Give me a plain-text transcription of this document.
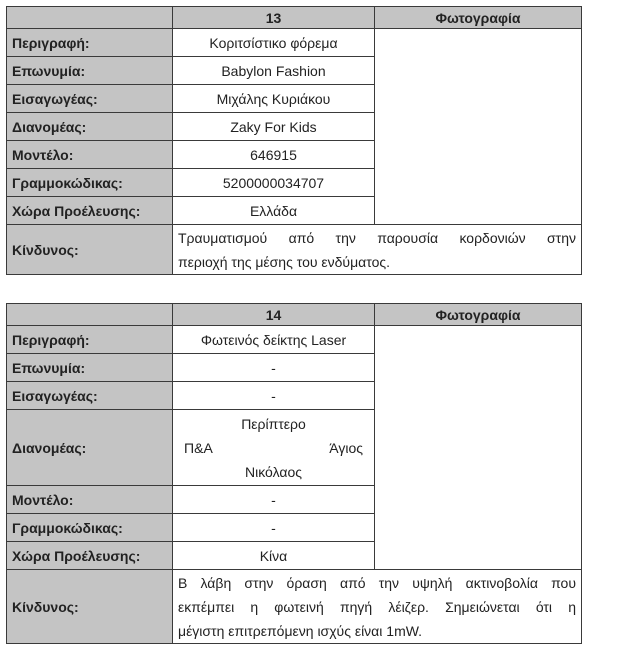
	13	Φωτογραφία
Περιγραφή:	Κοριτσίστικο φόρεμα	
Επωνυμία:	Babylon Fashion	
Εισαγωγέας:	Μιχάλης Κυριάκου	
Διανομέας:	Zaky For Kids	
Μοντέλο:	646915	
Γραμμοκώδικας:	5200000034707	
Χώρα Προέλευσης:	Ελλάδα	
Κίνδυνος:	Τραυματισμού από την παρουσία κορδονιών στην
περιοχή της μέσης του ενδύματος.	
	14	Φωτογραφία
Περιγραφή:	Φωτεινός δείκτης Laser	
Επωνυμία:	-	
Εισαγωγέας:	-	
Διανομέας:	Περίπτερο
Π&Α Άγιος
Νικόλαος	

Μοντέλο:	-	
Γραμμοκώδικας:	-	
Χώρα Προέλευσης:	Κίνα	
Κίνδυνος:	Β λάβη στην όραση από την υψηλή ακτινοβολία που
εκπέμπει η φωτεινή πηγή λέιζερ. Σημειώνεται ότι η
μέγιστη επιτρεπόμενη ισχύς είναι 1mW.	
